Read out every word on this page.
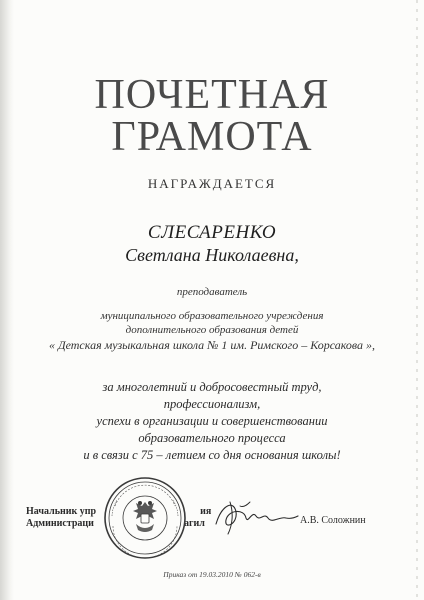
ПОЧЕТНАЯ
ГРАМОТА
НАГРАЖДАЕТСЯ
СЛЕСАРЕНКО
Светлана Николаевна,
преподаватель
муниципального образовательного учреждения
дополнительного образования детей
« Детская музыкальная школа № 1 им. Римского – Корсакова »,
за многолетний и добросовестный труд,
профессионализм,
успехи в организации и совершенствовании
образовательного процесса
и в связи с 75 – летием со дня основания школы!
Начальник упр	ия
Администраци	агил	А.В. Соложнин
Приказ от 19.03.2010 № 062-в
